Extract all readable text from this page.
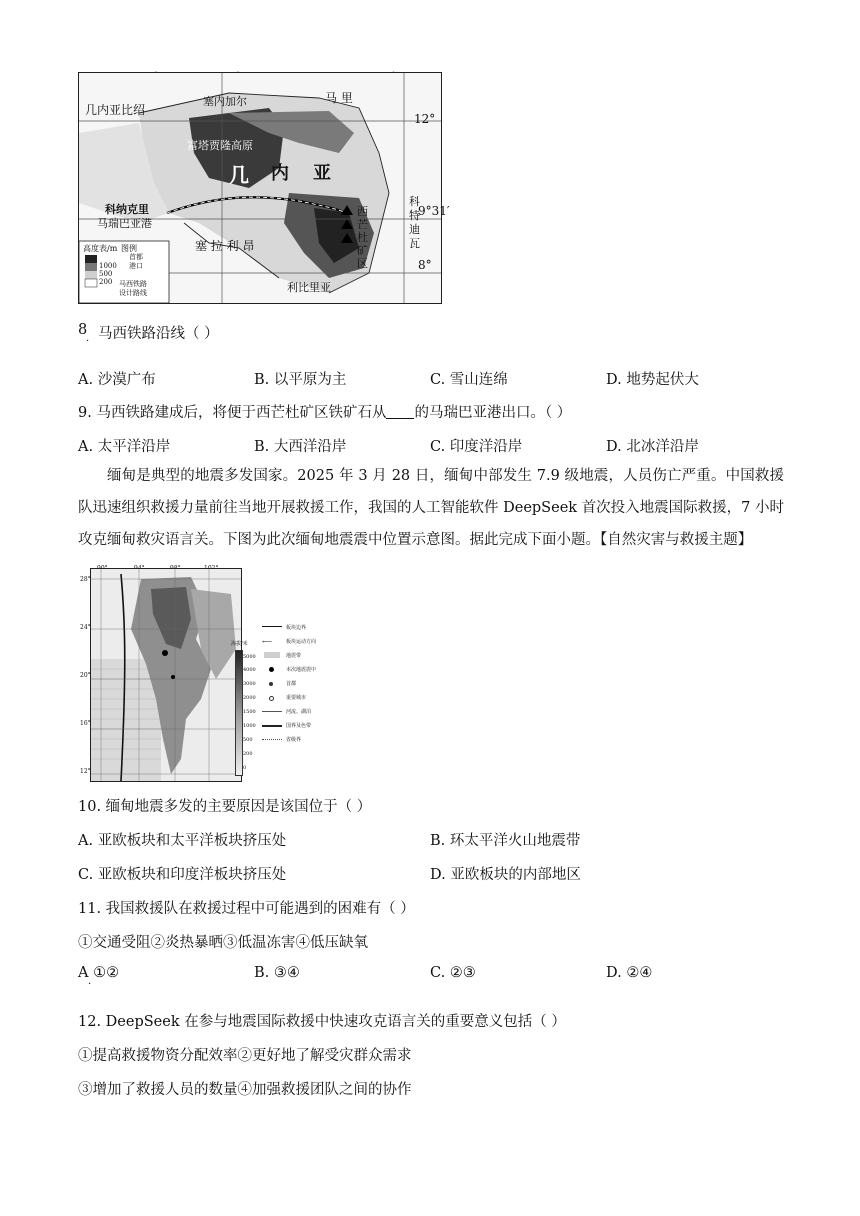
几内亚比绍
塞内加尔	马 里
富塔贾隆高原
几 内 亚
科纳克里
马瑞巴亚港
塞 拉 利 昂
西
芒
杜
矿
区
科
特
迪
瓦
利比里亚
高度表/m
1000
500
200
图例
首都
港口
马西铁路
设计路线
12°
9°31′
8°
8
· 马西铁路沿线（ ）
A. 沙漠广布	B. 以平原为主	C. 雪山连绵	D. 地势起伏大
9. 马西铁路建成后，将便于西芒杜矿区铁矿石从 的马瑞巴亚港出口。（ ）
A. 太平洋沿岸	B. 大西洋沿岸	C. 印度洋沿岸	D. 北冰洋沿岸
缅甸是典型的地震多发国家。2025 年 3 月 28 日，缅甸中部发生 7.9 级地震，人员伤亡严重。中国救援队迅速组织救援力量前往当地开展救援工作，我国的人工智能软件 DeepSeek 首次投入地震国际救援，7 小时攻克缅甸救灾语言关。下图为此次缅甸地震震中位置示意图。据此完成下面小题。【自然灾害与救援主题】
28°
24°
20°
16°
12°
海拔/米
5000
4000
3000
2000
1500
1000
500
200
0
板块边界
⟵	板块运动方向
地震带
本次地震震中
首都
重要城市
河流、湖泊
国界及色带
省级界
10. 缅甸地震多发的主要原因是该国位于（ ）
A. 亚欧板块和太平洋板块挤压处	B. 环太平洋火山地震带
C. 亚欧板块和印度洋板块挤压处	D. 亚欧板块的内部地区
11. 我国救援队在救援过程中可能遇到的困难有（ ）
①交通受阻②炎热暴晒③低温冻害④低压缺氧
A ①②
·
B. ③④	C. ②③	D. ②④
12. DeepSeek 在参与地震国际救援中快速攻克语言关的重要意义包括（ ）
①提高救援物资分配效率②更好地了解受灾群众需求
③增加了救援人员的数量④加强救援团队之间的协作
